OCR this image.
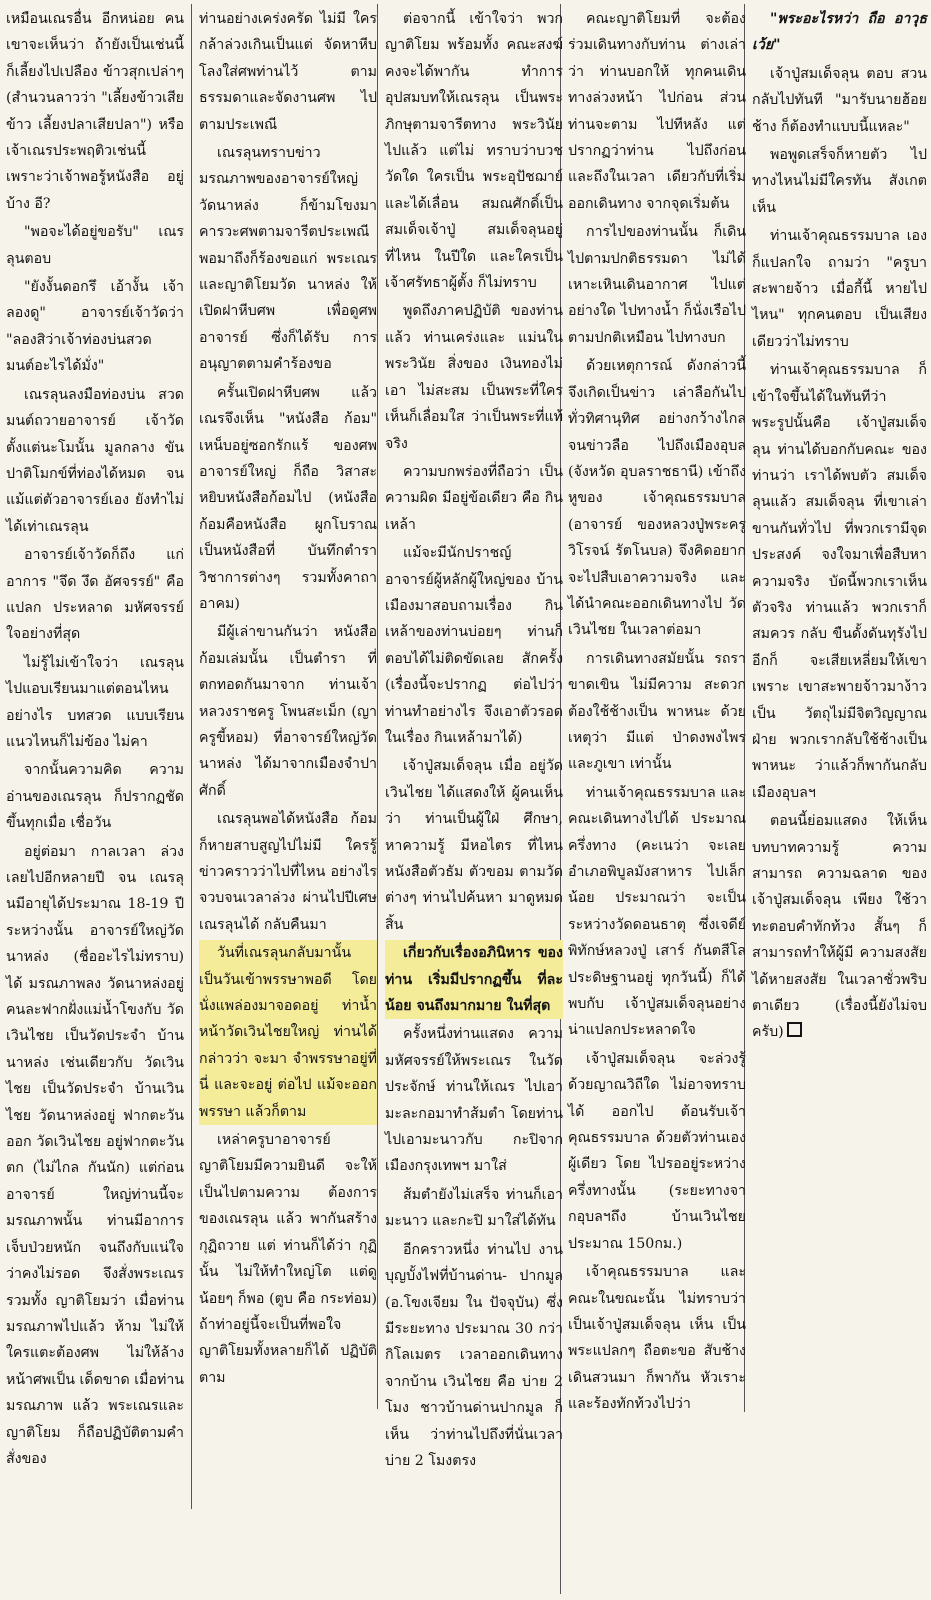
เหมือนเณรอื่น อีกหน่อย คนเขาจะเห็นว่า ถ้ายังเป็นเช่นนี้ก็เลี้ยงไปเปลือง ข้าวสุกเปล่าๆ (สำนวนลาวว่า "เลี้ยงข้าวเสียข้าว เลี้ยงปลาเสียปลา") หรือ เจ้าเณรประพฤติวเช่นนี้ เพราะว่าเจ้าพอรู้หนังสือ อยู่บ้าง อี?

"พอจะได้อยู่ขอรับ" เณรลุนตอบ

"ยังงั้นดอกรึ เอ้างั้น เจ้าลองดู" อาจารย์เจ้าวัดว่า "ลองสิว่าเจ้าท่องบ่นสวด มนต์อะไรได้มั่ง"

เณรลุนลงมือท่องบ่น สวดมนต์ถวายอาจารย์ เจ้าวัด ตั้งแต่นะโมนั้น มูลกลาง ขันปาติโมกข์ที่ท่องได้หมด จนแม้แต่ตัวอาจารย์เอง ยังทำไม่ได้เท่าเณรลุน

อาจารย์เจ้าวัดก็ถึง แก่อาการ "จึด งึด อัศจรรย์" คือ แปลก ประหลาด มหัศจรรย์ใจอย่างที่สุด

ไม่รู้ไม่เข้าใจว่า เณรลุน ไปแอบเรียนมาแต่ตอนไหน อย่างไร บทสวด แบบเรียน แนวไหนก็ไม่ข้อง ไม่คา

จากนั้นความคิด ความอ่านของเณรลุน ก็ปรากฏชัดขึ้นทุกเมื่อ เชื่อวัน

อยู่ต่อมา กาลเวลา ล่วงเลยไปอีกหลายปี จน เณรลุนมีอายุได้ประมาณ 18-19 ปี ระหว่างนั้น อาจารย์ใหญ่วัดนาหล่ง (ชื่ออะไรไม่ทราบ) ได้ มรณภาพลง วัดนาหล่งอยู่ คนละฟากฝั่งแม่น้ำโขงกับ วัดเวินไชย เป็นวัดประจำ บ้านนาหล่ง เช่นเดียวกับ วัดเวินไชย เป็นวัดประจำ บ้านเวินไชย วัดนาหล่งอยู่ ฟากตะวันออก วัดเวินไชย อยู่ฟากตะวันตก (ไม่ไกล กันนัก) แต่ก่อนอาจารย์ ใหญ่ท่านนี้จะมรณภาพนั้น ท่านมีอาการ เจ็บป่วยหนัก จนถึงกับแน่ใจว่าคงไม่รอด จึงสั่งพระเณรรวมทั้ง ญาติโยมว่า เมื่อท่าน มรณภาพไปแล้ว ห้าม ไม่ให้ใครแตะต้องศพ ไม่ให้ล้างหน้าศพเป็น เด็ดขาด เมื่อท่านมรณภาพ แล้ว พระเณรและญาติโยม ก็ถือปฏิบัติตามคำสั่งของ

ท่านอย่างเคร่งครัด ไม่มี ใครกล้าล่วงเกินเป็นแต่ จัดหาหีบโลงใส่ศพท่านไว้ ตามธรรมดาและจัดงานศพ ไปตามประเพณี

เณรลุนทราบข่าว มรณภาพของอาจารย์ใหญ่ วัดนาหล่ง ก็ข้ามโขงมา คารวะศพตามจารีตประเพณี พอมาถึงก็ร้องขอแก่ พระเณร และญาติโยมวัด นาหล่ง ให้เปิดฝาหีบศพ เพื่อดูศพอาจารย์ ซึ่งก็ได้รับ การอนุญาตตามคำร้องขอ

ครั้นเปิดฝาหีบศพ แล้ว เณรจึงเห็น "หนังสือ ก้อม" เหน็บอยู่ซอกรักแร้ ของศพอาจารย์ใหญ่ ก็ถือ วิสาสะหยิบหนังสือก้อมไป (หนังสือก้อมคือหนังสือ ผูกโบราณ เป็นหนังสือที่ บันทึกตำราวิชาการต่างๆ รวมทั้งคาถาอาคม)

มีผู้เล่าขานกันว่า หนังสือก้อมเล่มนั้น เป็นตำรา ที่ตกทอดกันมาจาก ท่านเจ้าหลวงราชครู โพนสะเม็ก (ญาครูขี้หอม) ที่อาจารย์ใหญ่วัดนาหล่ง ได้มาจากเมืองจำปาศักดิ์

เณรลุนพอได้หนังสือ ก้อม ก็หายสาบสูญไปไม่มี ใครรู้ข่าวคราวว่าไปที่ไหน อย่างไร จวบจนเวลาล่วง ผ่านไปปีเศษ เณรลุนได้ กลับคืนมา

วันที่เณรลุนกลับมานั้น เป็นวันเข้าพรรษาพอดี โดยนั่งแพล่องมาจอดอยู่ ท่าน้ำหน้าวัดเวินไชยใหญ่ ท่านได้กล่าวว่า จะมา จำพรรษาอยู่ที่นี่ และจะอยู่ ต่อไป แม้จะออกพรรษา แล้วก็ตาม

เหล่าครูบาอาจารย์ ญาติโยมมีความยินดี จะให้เป็นไปตามความ ต้องการของเณรลุน แล้ว พากันสร้างกุฏิถวาย แต่ ท่านก็ได้ว่า กุฏินั้น ไม่ให้ทำใหญ่โต แต่ดูน้อยๆ ก็พอ (ตูบ คือ กระท่อม) ถ้าท่าอยู่นี้จะเป็นที่พอใจ ญาติโยมทั้งหลายก็ได้ ปฏิบัติตาม

ต่อจากนี้ เข้าใจว่า พวกญาติโยม พร้อมทั้ง คณะสงฆ์คงจะได้พากัน ทำการอุปสมบทให้เณรลุน เป็นพระภิกษุตามจารีตทาง พระวินัยไปแล้ว แต่ไม่ ทราบว่าบวชวัดใด ใครเป็น พระอุปัชฌาย์ และได้เลื่อน สมณศักดิ์เป็นสมเด็จเจ้าปู่ สมเด็จลุนอยู่ที่ไหน ในปีใด และใครเป็นเจ้าศรัทธาผู้ตั้ง ก็ไม่ทราบ

พูดถึงภาคปฏิบัติ ของท่านแล้ว ท่านเคร่งและ แม่นในพระวินัย สิ่งของ เงินทองไม่เอา ไม่สะสม เป็นพระที่ใครเห็นก็เลื่อมใส ว่าเป็นพระที่แท้จริง

ความบกพร่องที่ถือว่า เป็นความผิด มีอยู่ข้อเดียว คือ กินเหล้า

แม้จะมีนักปราชญ์ อาจารย์ผู้หลักผู้ใหญ่ของ บ้านเมืองมาสอบถามเรื่อง กินเหล้าของท่านบ่อยๆ ท่านก็ตอบได้ไม่ติดขัดเลย สักครั้ง (เรื่องนี้จะปรากฏ ต่อไปว่า ท่านทำอย่างไร จึงเอาตัวรอดในเรื่อง กินเหล้ามาได้)

เจ้าปู่สมเด็จลุน เมื่อ อยู่วัดเวินไชย ได้แสดงให้ ผู้คนเห็นว่า ท่านเป็นผู้ใฝ่ ศึกษา, หาความรู้ มีหอไตร ที่ไหน หนังสือตัวธัม ตัวขอม ตามวัดต่างๆ ท่านไปค้นหา มาดูหมดสิ้น

เกี่ยวกับเรื่องอภินิหาร ของท่าน เริ่มมีปรากฏขึ้น ที่ละน้อย จนถึงมากมาย ในที่สุด

ครั้งหนึ่งท่านแสดง ความมหัศจรรย์ให้พระเณร ในวัดประจักษ์ ท่านให้เณร ไปเอามะละกอมาทำส้มตำ โดยท่านไปเอามะนาวกับ กะปิจากเมืองกรุงเทพฯ มาใส่

ส้มตำยังไม่เสร็จ ท่านก็เอามะนาว และกะปิ มาใส่ได้ทัน

อีกคราวหนึ่ง ท่านไป งานบุญบั้งไฟที่บ้านด่าน- ปากมูล (อ.โขงเจียม ใน ปัจจุบัน) ซึ่งมีระยะทาง ประมาณ 30 กว่ากิโลเมตร เวลาออกเดินทางจากบ้าน เวินไชย คือ บ่าย 2 โมง ชาวบ้านด่านปากมูล ก็เห็น ว่าท่านไปถึงที่นั่นเวลาบ่าย 2 โมงตรง

คณะญาติโยมที่ จะต้องร่วมเดินทางกับท่าน ต่างเล่าว่า ท่านบอกให้ ทุกคนเดินทางล่วงหน้า ไปก่อน ส่วนท่านจะตาม ไปทีหลัง แต่ปรากฏว่าท่าน ไปถึงก่อน และถึงในเวลา เดียวกับที่เริ่มออกเดินทาง จากจุดเริ่มต้น

การไปของท่านนั้น ก็เดินไปตามปกติธรรมดา ไม่ได้เหาะเหินเดินอากาศ ไปแต่อย่างใด ไปทางน้ำ ก็นั่งเรือไปตามปกติเหมือน ไปทางบก

ด้วยเหตุการณ์ ดังกล่าวนี้ จึงเกิดเป็นข่าว เล่าลือกันไปทั่วทิศานุทิศ อย่างกว้างไกล จนข่าวลือ ไปถึงเมืองอุบล (จังหวัด อุบลราชธานี) เข้าถึงหูของ เจ้าคุณธรรมบาล (อาจารย์ ของหลวงปู่พระครูวิโรจน์ รัตโนบล) จึงคิดอยาก จะไปสืบเอาความจริง และ ได้นำคณะออกเดินทางไป วัดเวินไชย ในเวลาต่อมา

การเดินทางสมัยนั้น รถราขาดเขิน ไม่มีความ สะดวก ต้องใช้ช้างเป็น พาหนะ ด้วยเหตุว่า มีแต่ ป่าดงพงไพร และภูเขา เท่านั้น

ท่านเจ้าคุณธรรมบาล และคณะเดินทางไปได้ ประมาณครึ่งทาง (คะเนว่า จะเลยอำเภอพิบูลมังสาหาร ไปเล็กน้อย ประมาณว่า จะเป็นระหว่างวัดดอนธาตุ ซึ่งเจดีย์พิทักษ์หลวงปู่ เสาร์ กันตสีโล ประดิษฐานอยู่ ทุกวันนี้) ก็ได้พบกับ เจ้าปู่สมเด็จลุนอย่าง น่าแปลกประหลาดใจ

เจ้าปู่สมเด็จลุน จะล่วงรู้ด้วยญาณวิถีใด ไม่อาจทราบได้ ออกไป ต้อนรับเจ้าคุณธรรมบาล ด้วยตัวท่านเองผู้เดียว โดย ไปรออยู่ระหว่างครึ่งทางนั้น (ระยะทางจากอุบลฯถึง บ้านเวินไชยประมาณ 150กม.)

เจ้าคุณธรรมบาล และ คณะในขณะนั้น ไม่ทราบว่า เป็นเจ้าปู่สมเด็จลุน เห็น เป็นพระแปลกๆ ถือตะขอ สับช้างเดินสวนมา ก็พากัน หัวเราะและร้องทักท้วงไปว่า

"พระอะไรหว่า ถือ อาวุธเว้ย"

เจ้าปู่สมเด็จลุน ตอบ สวนกลับไปทันที "มารับนายฮ้อยช้าง ก็ต้องทำแบบนี้แหละ"

พอพูดเสร็จก็หายตัว ไปทางไหนไม่มีใครทัน สังเกตเห็น

ท่านเจ้าคุณธรรมบาล เองก็แปลกใจ ถามว่า "ครูบาสะพายจ้าว เมื่อกี้นี้ หายไปไหน" ทุกคนตอบ เป็นเสียงเดียวว่าไม่ทราบ

ท่านเจ้าคุณธรรมบาล ก็เข้าใจขึ้นได้ในทันทีว่า พระรูปนั้นคือ เจ้าปู่สมเด็จ ลุน ท่านได้บอกกับคณะ ของท่านว่า เราได้พบตัว สมเด็จลุนแล้ว สมเด็จลุน ที่เขาเล่าขานกันทั่วไป ที่พวกเรามีจุดประสงค์ จงใจมาเพื่อสืบหาความจริง บัดนี้พวกเราเห็นตัวจริง ท่านแล้ว พวกเราก็สมควร กลับ ขืนดั้งดันทุรังไปอีกก็ จะเสียเหลี่ยมให้เขา เพราะ เขาสะพายจ้าวมาง้าวเป็น วัตถุไม่มีจิตวิญญาณ ฝ่าย พวกเรากลับใช้ช้างเป็น พาหนะ ว่าแล้วก็พากันกลับ เมืองอุบลฯ

ตอนนี้ย่อมแสดง ให้เห็นบทบาทความรู้ ความสามารถ ความฉลาด ของเจ้าปู่สมเด็จลุน เพียง ใช้วาทะตอบคำทักท้วง สั้นๆ ก็สามารถทำให้ผู้มี ความสงสัย ได้หายสงสัย ในเวลาชั่วพริบตาเดียว (เรื่องนี้ยังไม่จบครับ)
